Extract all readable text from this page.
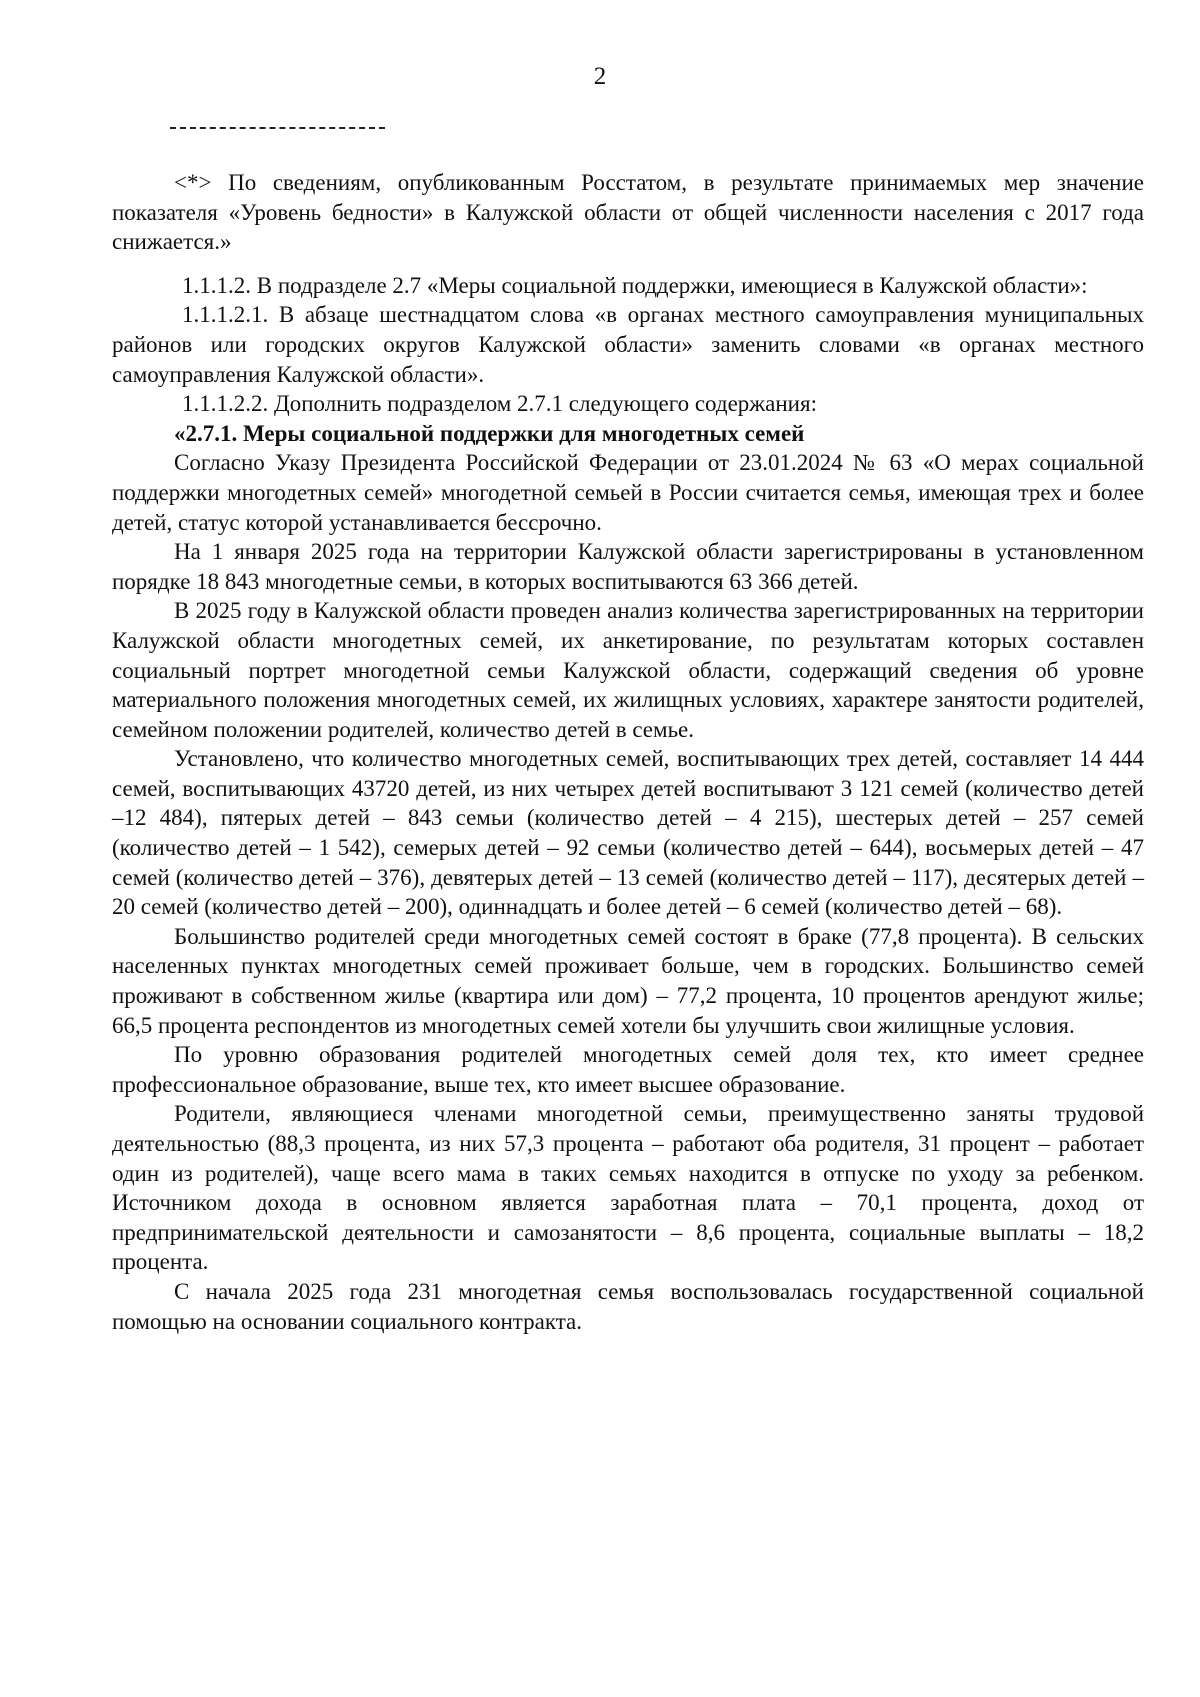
2

<*> По сведениям, опубликованным Росстатом, в результате принимаемых мер значение показателя «Уровень бедности» в Калужской области от общей численности населения с 2017 года снижается.»

1.1.1.2. В подразделе 2.7 «Меры социальной поддержки, имеющиеся в Калужской области»:

1.1.1.2.1. В абзаце шестнадцатом слова «в органах местного самоуправления муниципальных районов или городских округов Калужской области» заменить словами «в органах местного самоуправления Калужской области».

1.1.1.2.2. Дополнить подразделом 2.7.1 следующего содержания:

«2.7.1. Меры социальной поддержки для многодетных семей

Согласно Указу Президента Российской Федерации от 23.01.2024 № 63 «О мерах социальной поддержки многодетных семей» многодетной семьей в России считается семья, имеющая трех и более детей, статус которой устанавливается бессрочно.

На 1 января 2025 года на территории Калужской области зарегистрированы в установленном порядке 18 843 многодетные семьи, в которых воспитываются 63 366 детей.

В 2025 году в Калужской области проведен анализ количества зарегистрированных на территории Калужской области многодетных семей, их анкетирование, по результатам которых составлен социальный портрет многодетной семьи Калужской области, содержащий сведения об уровне материального положения многодетных семей, их жилищных условиях, характере занятости родителей, семейном положении родителей, количество детей в семье.

Установлено, что количество многодетных семей, воспитывающих трех детей, составляет 14 444 семей, воспитывающих 43720 детей, из них четырех детей воспитывают 3 121 семей (количество детей –12 484), пятерых детей – 843 семьи (количество детей – 4 215), шестерых детей – 257 семей (количество детей – 1 542), семерых детей – 92 семьи (количество детей – 644), восьмерых детей – 47 семей (количество детей – 376), девятерых детей – 13 семей (количество детей – 117), десятерых детей – 20 семей (количество детей – 200), одиннадцать и более детей – 6 семей (количество детей – 68).

Большинство родителей среди многодетных семей состоят в браке (77,8 процента). В сельских населенных пунктах многодетных семей проживает больше, чем в городских. Большинство семей проживают в собственном жилье (квартира или дом) – 77,2 процента, 10 процентов арендуют жилье; 66,5 процента респондентов из многодетных семей хотели бы улучшить свои жилищные условия.

По уровню образования родителей многодетных семей доля тех, кто имеет среднее профессиональное образование, выше тех, кто имеет высшее образование.

Родители, являющиеся членами многодетной семьи, преимущественно заняты трудовой деятельностью (88,3 процента, из них 57,3 процента – работают оба родителя, 31 процент – работает один из родителей), чаще всего мама в таких семьях находится в отпуске по уходу за ребенком. Источником дохода в основном является заработная плата – 70,1 процента, доход от предпринимательской деятельности и самозанятости – 8,6 процента, социальные выплаты – 18,2 процента.

С начала 2025 года 231 многодетная семья воспользовалась государственной социальной помощью на основании социального контракта.
